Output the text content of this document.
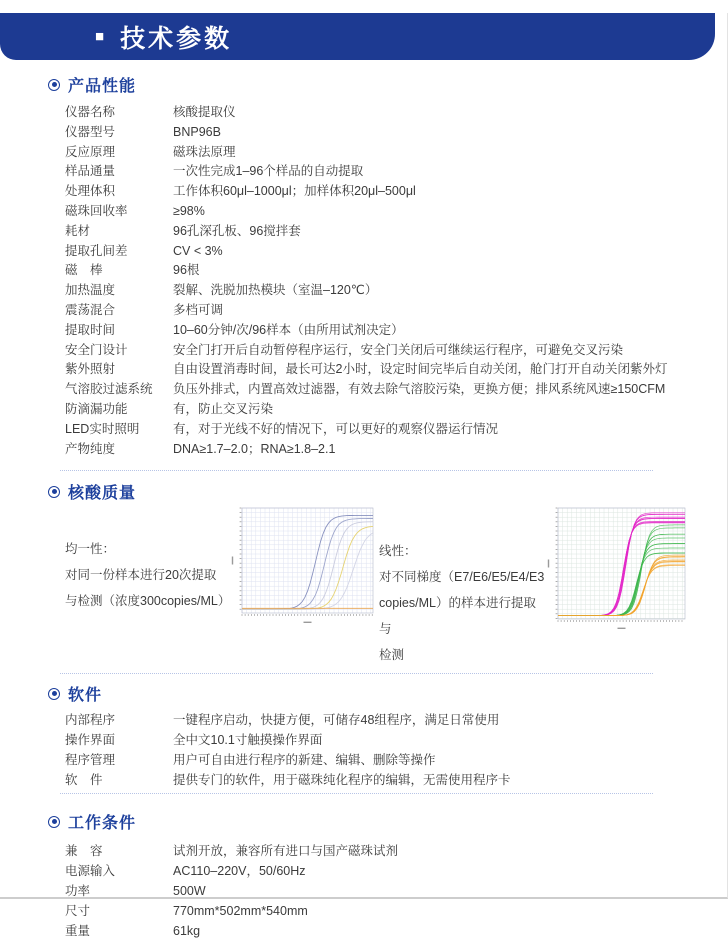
■ 技术参数
产品性能
仪器名称	核酸提取仪
仪器型号	BNP96B
反应原理	磁珠法原理
样品通量	一次性完成1–96个样品的自动提取
处理体积	工作体积60μl–1000μl；加样体积20μl–500μl
磁珠回收率	≥98%
耗材	96孔深孔板、96搅拌套
提取孔间差	CV < 3%
磁　棒	96根
加热温度	裂解、洗脱加热模块（室温–120℃）
震荡混合	多档可调
提取时间	10–60分钟/次/96样本（由所用试剂决定）
安全门设计	安全门打开后自动暂停程序运行，安全门关闭后可继续运行程序，可避免交叉污染
紫外照射	自由设置消毒时间，最长可达2小时，设定时间完毕后自动关闭，舱门打开自动关闭紫外灯
气溶胶过滤系统	负压外排式，内置高效过滤器，有效去除气溶胶污染，更换方便；排风系统风速≥150CFM
防滴漏功能	有，防止交叉污染
LED实时照明	有，对于光线不好的情况下，可以更好的观察仪器运行情况
产物纯度	DNA≥1.7–2.0；RNA≥1.8–2.1
核酸质量
均一性：
对同一份样本进行20次提取
与检测（浓度300copies/ML）
线性：
对不同梯度（E7/E6/E5/E4/E3
copies/ML）的样本进行提取与
检测
软件
内部程序	一键程序启动，快捷方便，可储存48组程序，满足日常使用
操作界面	全中文10.1寸触摸操作界面
程序管理	用户可自由进行程序的新建、编辑、删除等操作
软　件	提供专门的软件，用于磁珠纯化程序的编辑，无需使用程序卡
工作条件
兼　容	试剂开放，兼容所有进口与国产磁珠试剂
电源输入	AC110–220V，50/60Hz
功率	500W
尺寸	770mm*502mm*540mm
重量	61kg
